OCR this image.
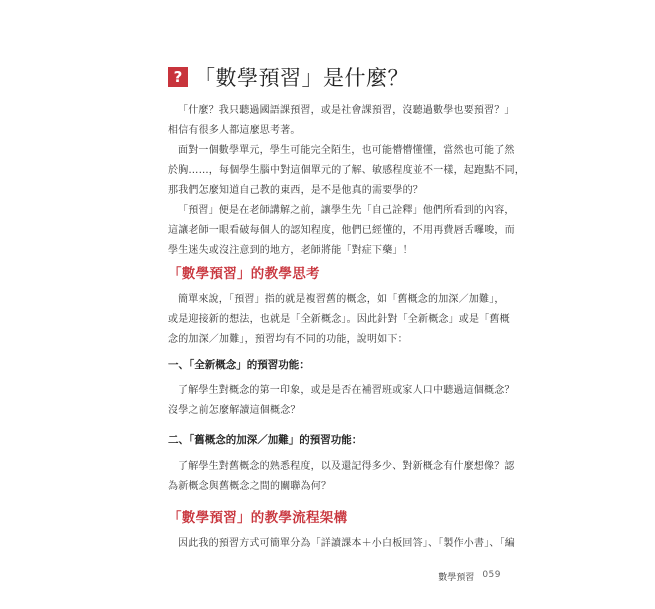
? 「數學預習」是什麼？
「什麼？我只聽過國語課預習，或是社會課預習，沒聽過數學也要預習？」
相信有很多人都這麼思考著。
面對一個數學單元，學生可能完全陌生，也可能懵懵懂懂，當然也可能了然
於胸……，每個學生腦中對這個單元的了解、敏感程度並不一樣，起跑點不同，
那我們怎麼知道自己教的東西，是不是他真的需要學的？
「預習」便是在老師講解之前，讓學生先「自己詮釋」他們所看到的內容，
這讓老師一眼看破每個人的認知程度，他們已經懂的，不用再費唇舌囉唆，而
學生迷失或沒注意到的地方，老師將能「對症下藥」！
「數學預習」的教學思考
簡單來說，「預習」指的就是複習舊的概念，如「舊概念的加深／加難」，
或是迎接新的想法，也就是「全新概念」。因此針對「全新概念」或是「舊概
念的加深／加難」，預習均有不同的功能，說明如下：
一、「全新概念」的預習功能：
了解學生對概念的第一印象，或是是否在補習班或家人口中聽過這個概念？
沒學之前怎麼解讀這個概念？
二、「舊概念的加深／加難」的預習功能：
了解學生對舊概念的熟悉程度，以及還記得多少、對新概念有什麼想像？認
為新概念與舊概念之間的關聯為何？
「數學預習」的教學流程架構
因此我的預習方式可簡單分為「詳讀課本＋小白板回答」、「製作小書」、「編
數學預習 059
